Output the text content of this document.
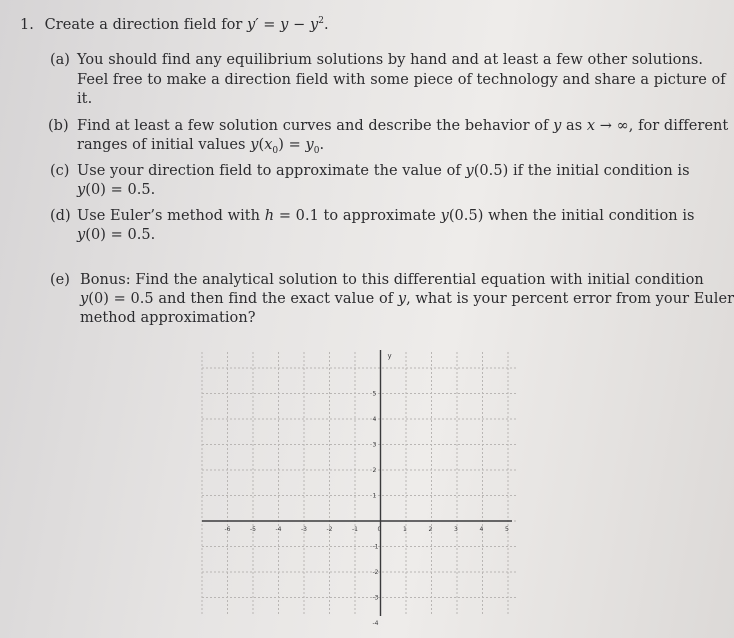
1. Create a direction field for $y' = y - y^2$.
(a) You should find any equilibrium solutions by hand and at least a few other solutions.
Feel free to make a direction field with some piece of technology and share a picture of
it.
(b) Find at least a few solution curves and describe the behavior of y as x → ∞, for different
ranges of initial values $y(x_0) = y_0$.
(c) Use your direction field to approximate the value of y(0.5) if the initial condition is
y(0) = 0.5.
(d) Use Euler’s method with h = 0.1 to approximate y(0.5) when the initial condition is
y(0) = 0.5.
(e) Bonus: Find the analytical solution to this differential equation with initial condition
y(0) = 0.5 and then find the exact value of y, what is your percent error from your Euler
method approximation?
y
-6	-5	-4	-3	-2	-1	0	1	2	3	4	5
5
4
3
2
1
-1
-2
-3
-4
